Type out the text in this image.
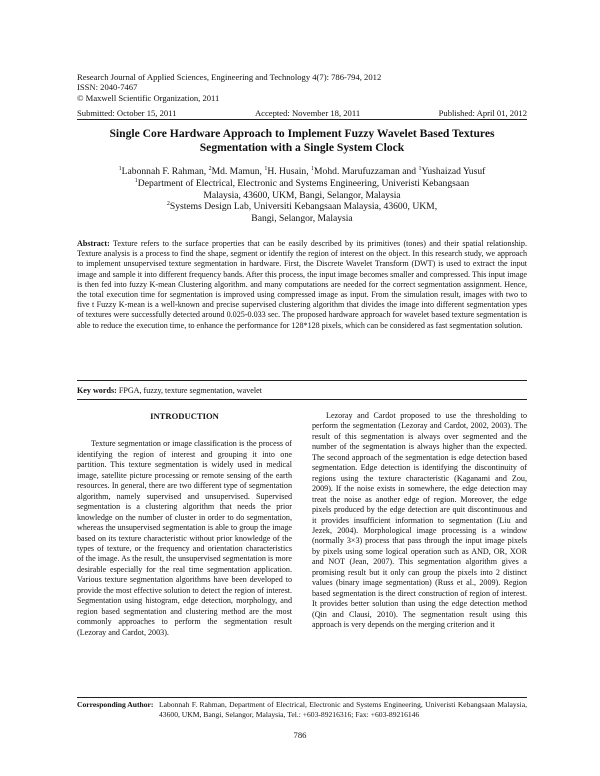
Research Journal of Applied Sciences, Engineering and Technology 4(7): 786-794, 2012
ISSN: 2040-7467
© Maxwell Scientific Organization, 2011
Submitted: October 15, 2011	Accepted: November 18, 2011	Published: April 01, 2012
Single Core Hardware Approach to Implement Fuzzy Wavelet Based Textures
Segmentation with a Single System Clock
$^1$Labonnah F. Rahman, $^2$Md. Mamun, $^1$H. Husain, $^1$Mohd. Marufuzzaman and $^1$Yushaizad Yusuf
$^1$Department of Electrical, Electronic and Systems Engineering, Univeristi Kebangsaan
Malaysia, 43600, UKM, Bangi, Selangor, Malaysia
$^2$Systems Design Lab, Universiti Kebangsaan Malaysia, 43600, UKM,
Bangi, Selangor, Malaysia
Abstract: Texture refers to the surface properties that can be easily described by its primitives (tones) and their spatial relationship. Texture analysis is a process to find the shape, segment or identify the region of interest on the object. In this research study, we approach to implement unsupervised texture segmentation in hardware. First, the Discrete Wavelet Transform (DWT) is used to extract the input image and sample it into different frequency bands. After this process, the input image becomes smaller and compressed. This input image is then fed into fuzzy K-mean Clustering algorithm. and many computations are needed for the correct segmentation assignment. Hence, the total execution time for segmentation is improved using compressed image as input. From the simulation result, images with two to five t Fuzzy K-mean is a well-known and precise supervised clustering algorithm that divides the image into different segmentation ypes of textures were successfully detected around 0.025-0.033 sec. The proposed hardware approach for wavelet based texture segmentation is able to reduce the execution time, to enhance the performance for 128*128 pixels, which can be considered as fast segmentation solution.
Key words: FPGA, fuzzy, texture segmentation, wavelet
INTRODUCTION

Texture segmentation or image classification is the process of identifying the region of interest and grouping it into one partition. This texture segmentation is widely used in medical image, satellite picture processing or remote sensing of the earth resources. In general, there are two different type of segmentation algorithm, namely supervised and unsupervised. Supervised segmentation is a clustering algorithm that needs the prior knowledge on the number of cluster in order to do segmentation, whereas the unsupervised segmentation is able to group the image based on its texture characteristic without prior knowledge of the types of texture, or the frequency and orientation characteristics of the image. As the result, the unsupervised segmentation is more desirable especially for the real time segmentation application. Various texture segmentation algorithms have been developed to provide the most effective solution to detect the region of interest. Segmentation using histogram, edge detection, morphology, and region based segmentation and clustering method are the most commonly approaches to perform the segmentation result (Lezoray and Cardot, 2003).

Lezoray and Cardot proposed to use the thresholding to perform the segmentation (Lezoray and Cardot, 2002, 2003). The result of this segmentation is always over segmented and the number of the segmentation is always higher than the expected. The second approach of the segmentation is edge detection based segmentation. Edge detection is identifying the discontinuity of regions using the texture characteristic (Kaganami and Zou, 2009). If the noise exists in somewhere, the edge detection may treat the noise as another edge of region. Moreover, the edge pixels produced by the edge detection are quit discontinuous and it provides insufficient information to segmentation (Liu and Jezek, 2004). Morphological image processing is a window (normally 3×3) process that pass through the input image pixels by pixels using some logical operation such as AND, OR, XOR and NOT (Jean, 2007). This segmentation algorithm gives a promising result but it only can group the pixels into 2 distinct values (binary image segmentation) (Russ et al., 2009). Region based segmentation is the direct construction of region of interest. It provides better solution than using the edge detection method (Qin and Clausi, 2010). The segmentation result using this approach is very depends on the merging criterion and it

Corresponding Author: Labonnah F. Rahman, Department of Electrical, Electronic and Systems Engineering, Univeristi Kebangsaan Malaysia, 43600, UKM, Bangi, Selangor, Malaysia, Tel.: +603-89216316; Fax: +603-89216146
786
